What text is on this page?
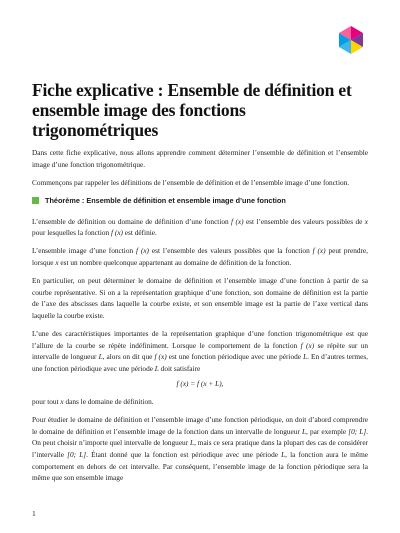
Fiche explicative : Ensemble de définition et ensemble image des fonctions trigonométriques

Dans cette fiche explicative, nous allons apprendre comment déterminer l’ensemble de définition et l’ensemble image d’une fonction trigonométrique.

Commençons par rappeler les définitions de l’ensemble de définition et de l’ensemble image d’une fonction.

Théorème : Ensemble de définition et ensemble image d’une fonction

L’ensemble de définition ou domaine de définition d’une fonction f (x) est l’ensemble des valeurs possibles de x pour lesquelles la fonction f (x) est définie.

L’ensemble image d’une fonction f (x) est l’ensemble des valeurs possibles que la fonction f (x) peut prendre, lorsque x est un nombre quelconque appartenant au domaine de définition de la fonction.

En particulier, on peut déterminer le domaine de définition et l’ensemble image d’une fonction à partir de sa courbe représentative. Si on a la représentation graphique d’une fonction, son domaine de définition est la partie de l’axe des abscisses dans laquelle la courbe existe, et son ensemble image est la partie de l’axe vertical dans laquelle la courbe existe.

L’une des caractéristiques importantes de la représentation graphique d’une fonction trigonométrique est que l’allure de la courbe se répète indéfiniment. Lorsque le comportement de la fonction f (x) se répète sur un intervalle de longueur L, alors on dit que f (x) est une fonction périodique avec une période L. En d’autres termes, une fonction périodique avec une période L doit satisfaire

f (x) = f (x + L),

pour tout x dans le domaine de définition.

Pour étudier le domaine de définition et l’ensemble image d’une fonction périodique, on doit d’abord comprendre le domaine de définition et l’ensemble image de la fonction dans un intervalle de longueur L, par exemple [0; L]. On peut choisir n’importe quel intervalle de longueur L, mais ce sera pratique dans la plupart des cas de considérer l’intervalle [0; L]. Étant donné que la fonction est périodique avec une période L, la fonction aura le même comportement en dehors de cet intervalle. Par conséquent, l’ensemble image de la fonction périodique sera la même que son ensemble image

1
